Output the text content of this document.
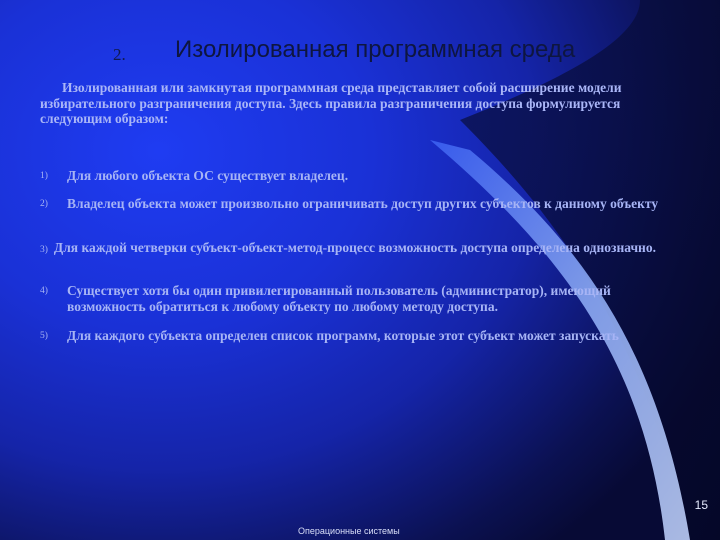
2. Изолированная программная среда
Изолированная или замкнутая программная среда представляет собой расширение модели избирательного разграничения доступа. Здесь правила разграничения доступа формулируется следующим образом:
1) Для любого объекта ОС существует владелец.
2) Владелец объекта может произвольно ограничивать доступ других субъектов к данному объекту
3) Для каждой четверки субъект-объект-метод-процесс возможность доступа определена однозначно.
4) Существует хотя бы один привилегированный пользователь (администратор), имеющий возможность обратиться к любому объекту по любому методу доступа.
5) Для каждого субъекта определен список программ, которые этот субъект может запускать
15
Операционные системы
